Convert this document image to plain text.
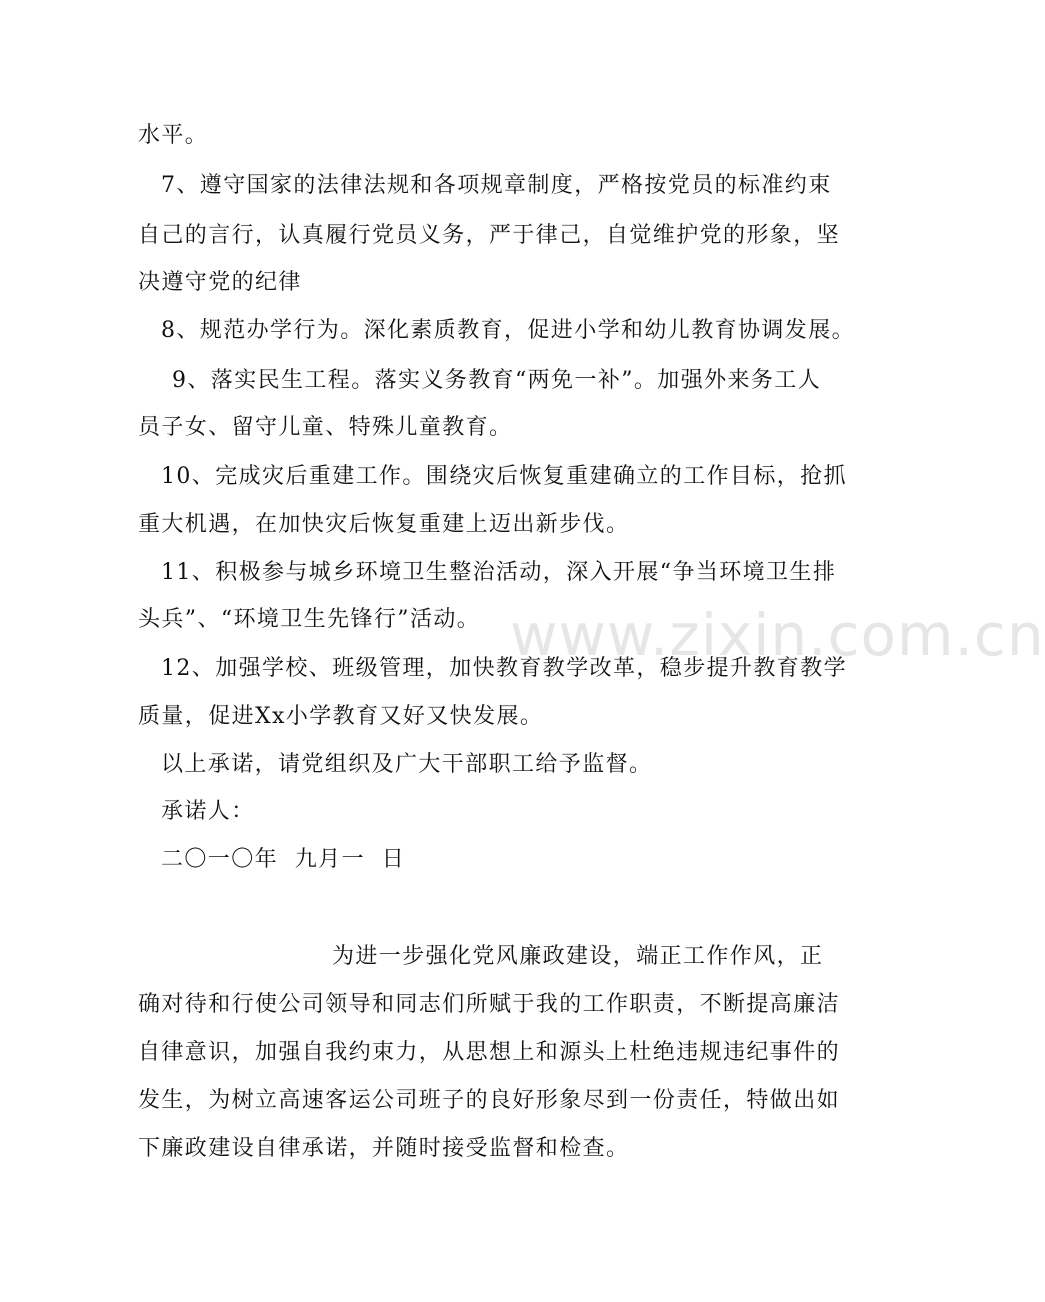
www.zixin.com.cn
水平。
7、遵守国家的法律法规和各项规章制度，严格按党员的标准约束
自己的言行，认真履行党员义务，严于律己，自觉维护党的形象，坚
决遵守党的纪律
8、规范办学行为。深化素质教育，促进小学和幼儿教育协调发展。
9、落实民生工程。落实义务教育“两免一补”。加强外来务工人
员子女、留守儿童、特殊儿童教育。
10、完成灾后重建工作。围绕灾后恢复重建确立的工作目标，抢抓
重大机遇，在加快灾后恢复重建上迈出新步伐。
11、积极参与城乡环境卫生整治活动，深入开展“争当环境卫生排
头兵”、“环境卫生先锋行”活动。
12、加强学校、班级管理，加快教育教学改革，稳步提升教育教学
质量，促进Xx小学教育又好又快发展。
以上承诺，请党组织及广大干部职工给予监督。
承诺人：
二〇一〇年  九月一  日
为进一步强化党风廉政建设，端正工作作风，正
确对待和行使公司领导和同志们所赋于我的工作职责，不断提高廉洁
自律意识，加强自我约束力，从思想上和源头上杜绝违规违纪事件的
发生，为树立高速客运公司班子的良好形象尽到一份责任，特做出如
下廉政建设自律承诺，并随时接受监督和检查。
